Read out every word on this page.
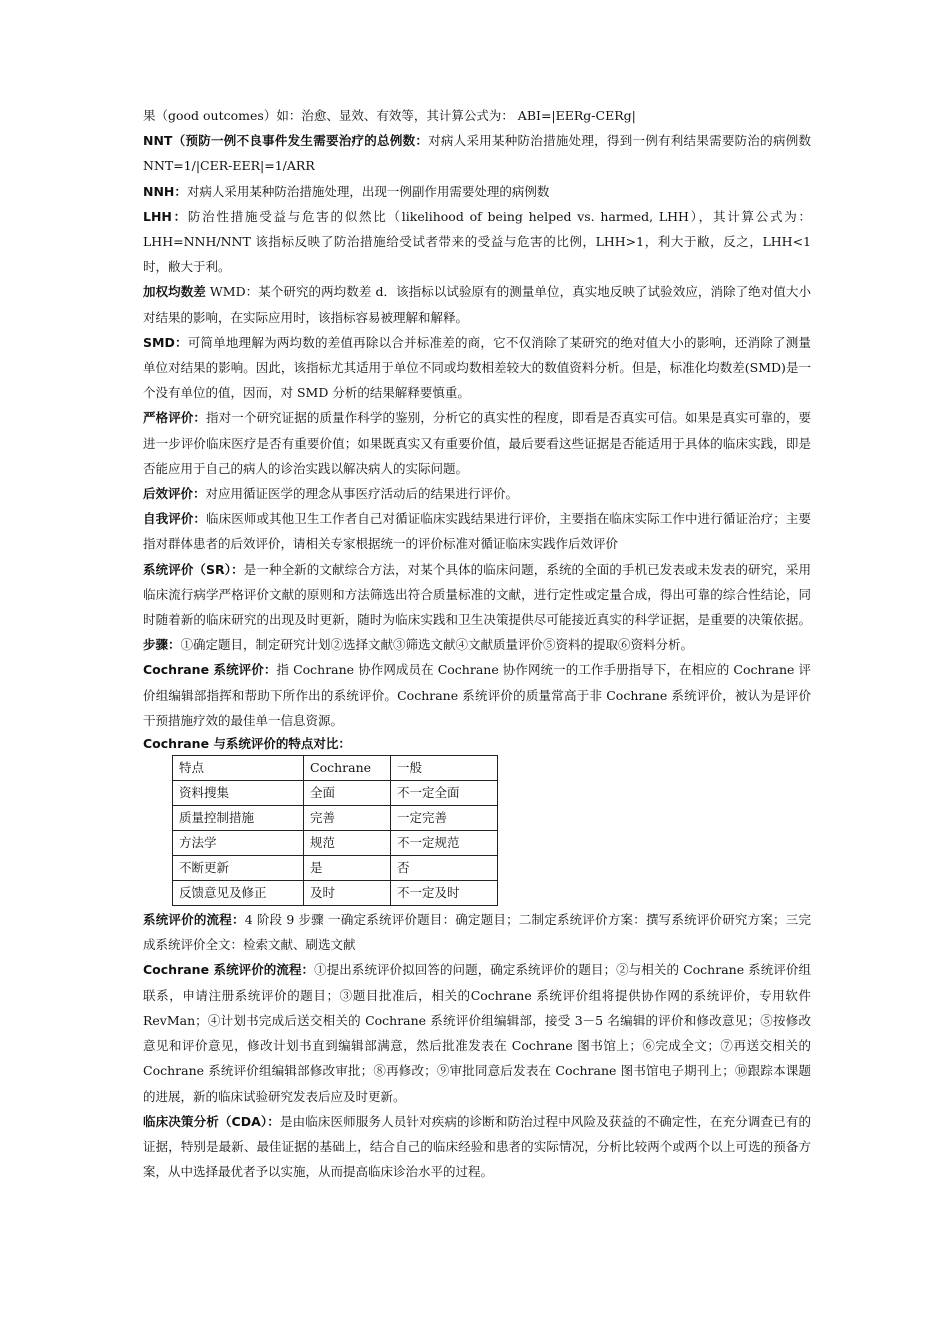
果（good outcomes）如：治愈、显效、有效等，其计算公式为： ABI=|EERg-CERg|

NNT（预防一例不良事件发生需要治疗的总例数：对病人采用某种防治措施处理，得到一例有利结果需要防治的病例数 NNT=1/|CER-EER|=1/ARR

NNH：对病人采用某种防治措施处理，出现一例副作用需要处理的病例数

LHH：防治性措施受益与危害的似然比（likelihood of being helped vs. harmed, LHH），其计算公式为：LHH=NNH/NNT 该指标反映了防治措施给受试者带来的受益与危害的比例，LHH>1，利大于敝，反之，LHH<1时，敝大于利。

加权均数差 WMD：某个研究的两均数差 d．该指标以试验原有的测量单位，真实地反映了试验效应，消除了绝对值大小对结果的影响，在实际应用时，该指标容易被理解和解释。

SMD：可简单地理解为两均数的差值再除以合并标准差的商，它不仅消除了某研究的绝对值大小的影响，还消除了测量单位对结果的影响。因此，该指标尤其适用于单位不同或均数相差较大的数值资料分析。但是，标准化均数差(SMD)是一个没有单位的值，因而，对 SMD 分析的结果解释要慎重。

严格评价：指对一个研究证据的质量作科学的鉴别，分析它的真实性的程度，即看是否真实可信。如果是真实可靠的，要进一步评价临床医疗是否有重要价值；如果既真实又有重要价值，最后要看这些证据是否能适用于具体的临床实践，即是否能应用于自己的病人的诊治实践以解决病人的实际问题。

后效评价：对应用循证医学的理念从事医疗活动后的结果进行评价。

自我评价：临床医师或其他卫生工作者自己对循证临床实践结果进行评价，主要指在临床实际工作中进行循证治疗；主要指对群体患者的后效评价，请相关专家根据统一的评价标准对循证临床实践作后效评价

系统评价（SR）：是一种全新的文献综合方法，对某个具体的临床问题，系统的全面的手机已发表或未发表的研究，采用临床流行病学严格评价文献的原则和方法筛选出符合质量标准的文献，进行定性或定量合成，得出可靠的综合性结论，同时随着新的临床研究的出现及时更新，随时为临床实践和卫生决策提供尽可能接近真实的科学证据，是重要的决策依据。 步骤：①确定题目，制定研究计划②选择文献③筛选文献④文献质量评价⑤资料的提取⑥资料分析。

Cochrane 系统评价：指 Cochrane 协作网成员在 Cochrane 协作网统一的工作手册指导下，在相应的 Cochrane 评价组编辑部指挥和帮助下所作出的系统评价。Cochrane 系统评价的质量常高于非 Cochrane 系统评价，被认为是评价干预措施疗效的最佳单一信息资源。

Cochrane 与系统评价的特点对比：

特点	Cochrane	一般
资料搜集	全面	不一定全面
质量控制措施	完善	一定完善
方法学	规范	不一定规范
不断更新	是	否
反馈意见及修正	及时	不一定及时

系统评价的流程：4 阶段 9 步骤 一确定系统评价题目：确定题目；二制定系统评价方案：撰写系统评价研究方案；三完成系统评价全文：检索文献、刷选文献

Cochrane 系统评价的流程：①提出系统评价拟回答的问题，确定系统评价的题目；②与相关的 Cochrane 系统评价组联系，申请注册系统评价的题目；③题目批准后，相关的Cochrane 系统评价组将提供协作网的系统评价，专用软件 RevMan；④计划书完成后送交相关的 Cochrane 系统评价组编辑部，接受 3－5 名编辑的评价和修改意见；⑤按修改意见和评价意见，修改计划书直到编辑部满意，然后批准发表在 Cochrane 图书馆上；⑥完成全文；⑦再送交相关的Cochrane 系统评价组编辑部修改审批；⑧再修改；⑨审批同意后发表在 Cochrane 图书馆电子期刊上；⑩跟踪本课题的进展，新的临床试验研究发表后应及时更新。

临床决策分析（CDA）：是由临床医师服务人员针对疾病的诊断和防治过程中风险及获益的不确定性，在充分调查已有的证据，特别是最新、最佳证据的基础上，结合自己的临床经验和患者的实际情况，分析比较两个或两个以上可选的预备方案，从中选择最优者予以实施，从而提高临床诊治水平的过程。
